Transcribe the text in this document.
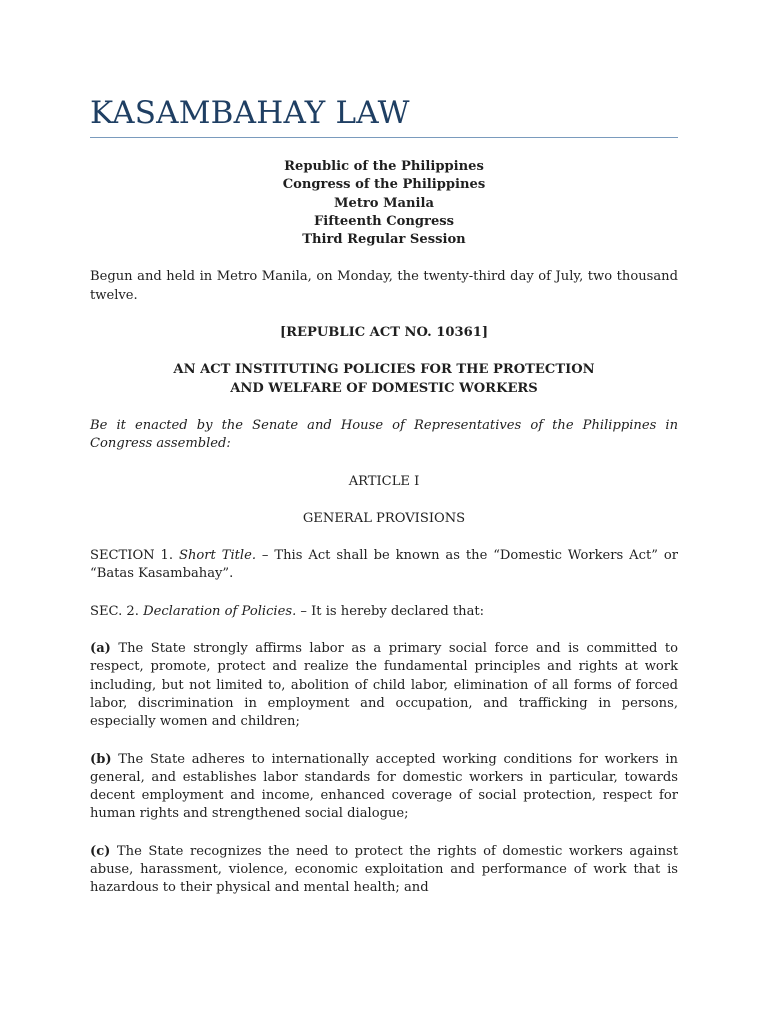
KASAMBAHAY LAW
Republic of the Philippines
Congress of the Philippines
Metro Manila
Fifteenth Congress
Third Regular Session

Begun and held in Metro Manila, on Monday, the twenty-third day of July, two thousand twelve.

[REPUBLIC ACT NO. 10361]
AN ACT INSTITUTING POLICIES FOR THE PROTECTION
AND WELFARE OF DOMESTIC WORKERS

Be it enacted by the Senate and House of Representatives of the Philippines in Congress assembled:

ARTICLE I
GENERAL PROVISIONS

SECTION 1. Short Title. – This Act shall be known as the “Domestic Workers Act” or “Batas Kasambahay”.

SEC. 2. Declaration of Policies. – It is hereby declared that:

(a) The State strongly affirms labor as a primary social force and is committed to respect, promote, protect and realize the fundamental principles and rights at work including, but not limited to, abolition of child labor, elimination of all forms of forced labor, discrimination in employment and occupation, and trafficking in persons, especially women and children;

(b) The State adheres to internationally accepted working conditions for workers in general, and establishes labor standards for domestic workers in particular, towards decent employment and income, enhanced coverage of social protection, respect for human rights and strengthened social dialogue;

(c) The State recognizes the need to protect the rights of domestic workers against abuse, harassment, violence, economic exploitation and performance of work that is hazardous to their physical and mental health; and
